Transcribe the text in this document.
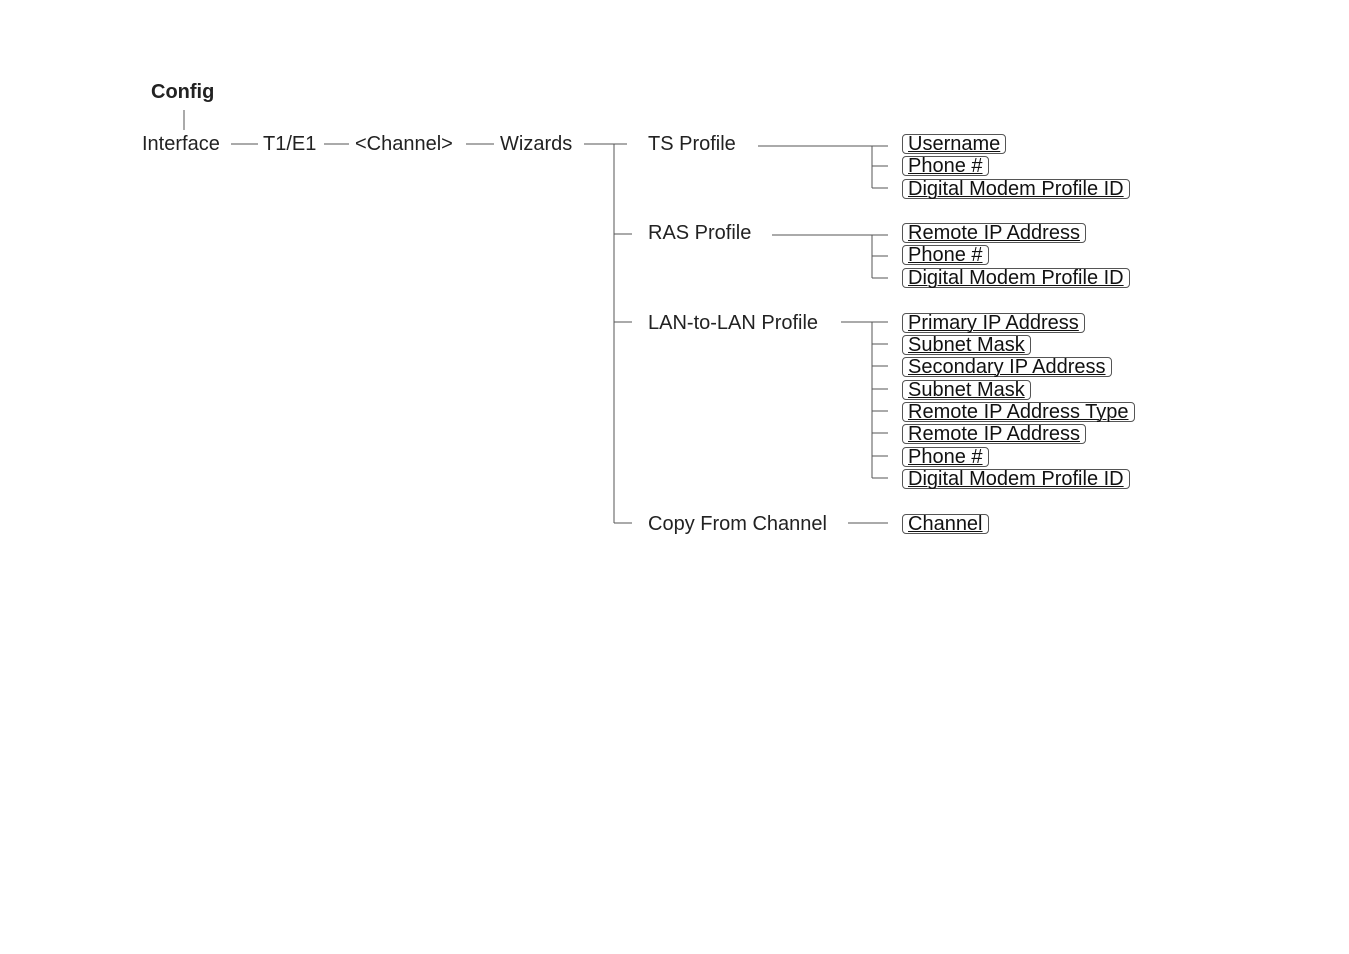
Config
Interface T1/E1 <Channel> Wizards	TS Profile
RAS Profile
LAN-to-LAN Profile
Copy From Channel
Username
Phone #
Digital Modem Profile ID
Remote IP Address
Phone #
Digital Modem Profile ID
Primary IP Address
Subnet Mask
Secondary IP Address
Subnet Mask
Remote IP Address Type
Remote IP Address
Phone #
Digital Modem Profile ID
Channel
